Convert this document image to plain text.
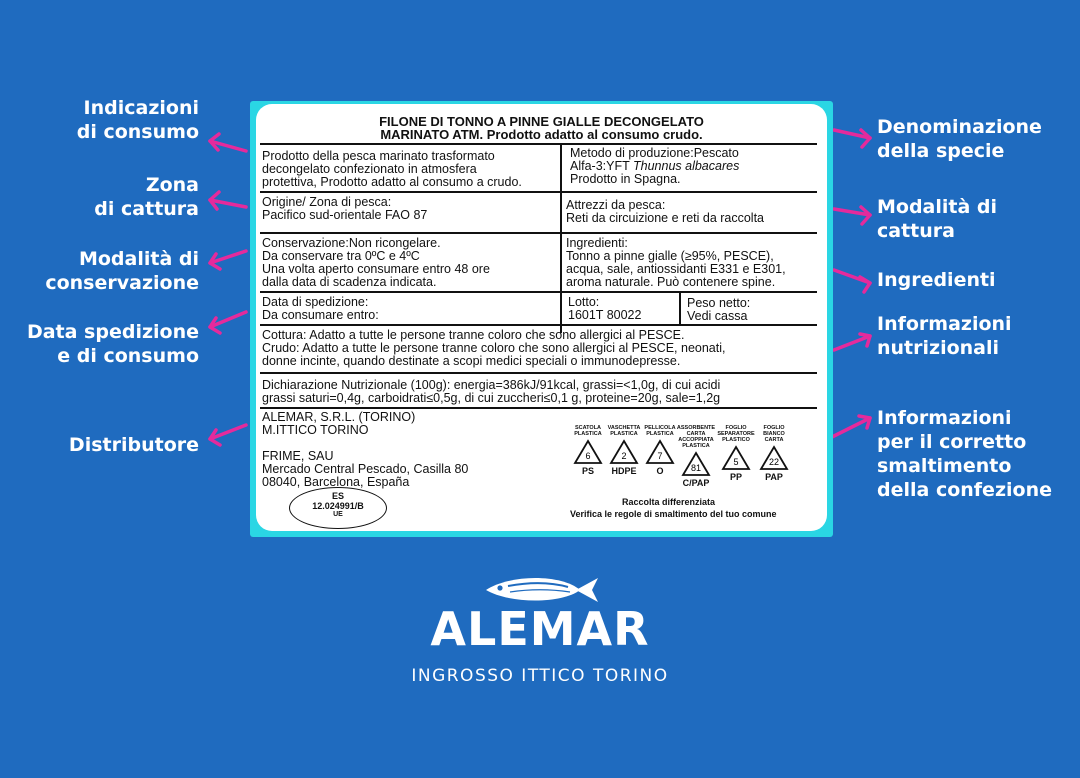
Indicazioni
di consumo
Zona
di cattura
Modalità di
conservazione
Data spedizione
e di consumo
Distributore
Denominazione
della specie
Modalità di
cattura
Ingredienti
Informazioni
nutrizionali
Informazioni
per il corretto
smaltimento
della confezione
FILONE DI TONNO A PINNE GIALLE DECONGELATO
MARINATO ATM. Prodotto adatto al consumo crudo.
Prodotto della pesca marinato trasformato
decongelato confezionato in atmosfera
protettiva, Prodotto adatto al consumo a crudo.
Metodo di produzione:Pescato
Alfa-3:YFT Thunnus albacares
Prodotto in Spagna.
Origine/ Zona di pesca:
Pacifico sud-orientale FAO 87
Attrezzi da pesca:
Reti da circuizione e reti da raccolta
Conservazione:Non ricongelare.
Da conservare tra 0ºC e 4ºC
Una volta aperto consumare entro 48 ore
dalla data di scadenza indicata.
Ingredienti:
Tonno a pinne gialle (≥95%, PESCE),
acqua, sale, antiossidanti E331 e E301,
aroma naturale. Può contenere spine.
Data di spedizione:
Da consumare entro:
Lotto:
1601T 80022
Peso netto:
Vedi cassa
Cottura: Adatto a tutte le persone tranne coloro che sono allergici al PESCE.
Crudo: Adatto a tutte le persone tranne coloro che sono allergici al PESCE, neonati,
donne incinte, quando destinate a scopi medici speciali o immunodepresse.
Dichiarazione Nutrizionale (100g): energia=386kJ/91kcal, grassi=<1,0g, di cui acidi
grassi saturi=0,4g, carboidrati≤0,5g, di cui zuccheri≤0,1 g, proteine=20g, sale=1,2g
ALEMAR, S.R.L. (TORINO)
M.ITTICO TORINO
FRIME, SAU
Mercado Central Pescado, Casilla 80
08040, Barcelona, España
ES
12.024991/B
UE
SCATOLA
PLASTICA
6
PS
VASCHETTA
PLASTICA
2
HDPE
PELLICOLA
PLASTICA
7
O
ASSORBENTE
CARTA ACCOPPIATA
PLASTICA
81
C/PAP
FOGLIO
SEPARATORE
PLASTICO
5
PP
FOGLIO BIANCO
CARTA
22
PAP
Raccolta differenziata
Verifica le regole di smaltimento del tuo comune
ALEMAR
INGROSSO ITTICO TORINO
